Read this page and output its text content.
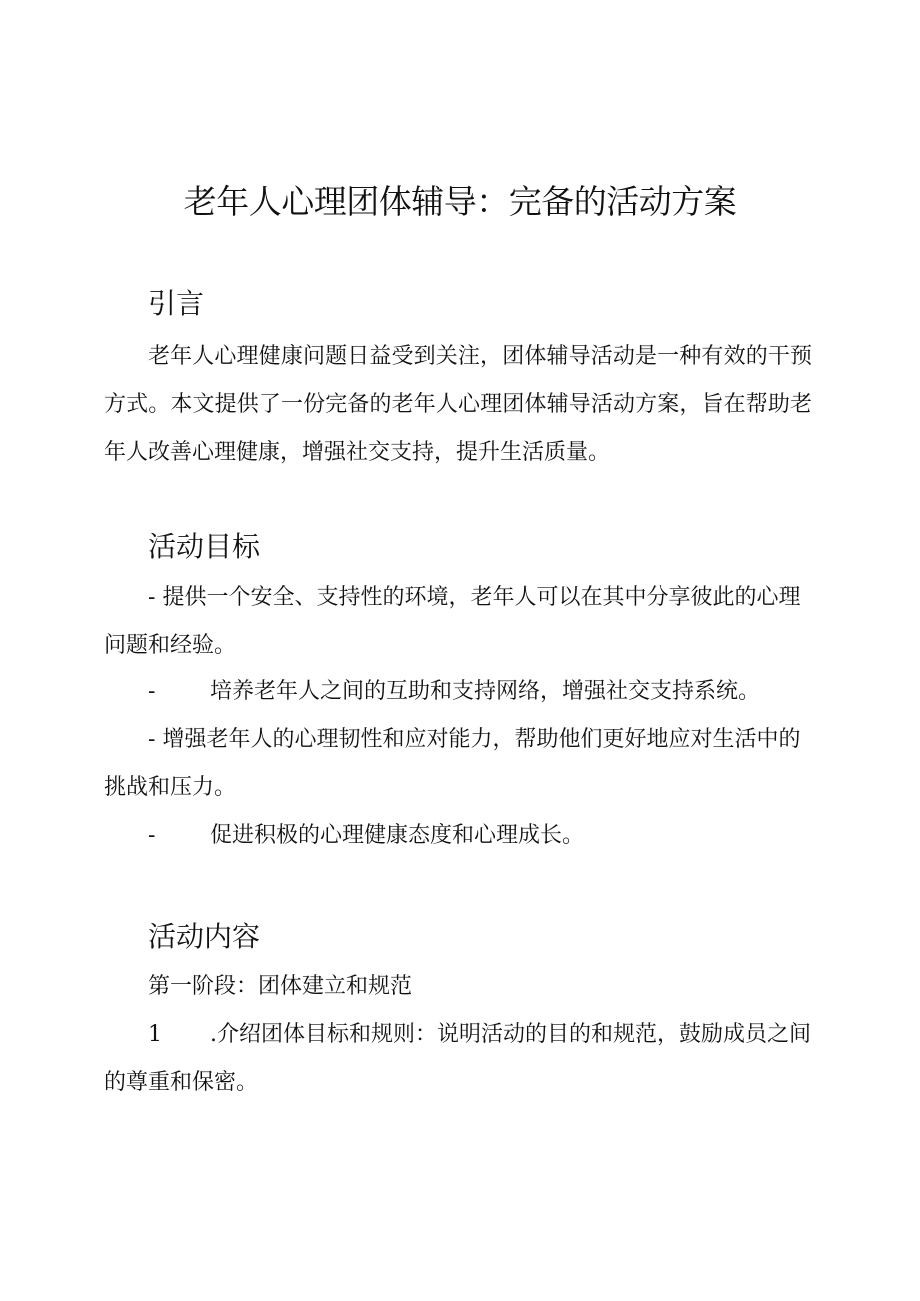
老年人心理团体辅导：完备的活动方案
引言

老年人心理健康问题日益受到关注，团体辅导活动是一种有效的干预方式。本文提供了一份完备的老年人心理团体辅导活动方案，旨在帮助老年人改善心理健康，增强社交支持，提升生活质量。

活动目标

- 提供一个安全、支持性的环境，老年人可以在其中分享彼此的心理问题和经验。

- 培养老年人之间的互助和支持网络，增强社交支持系统。

- 增强老年人的心理韧性和应对能力，帮助他们更好地应对生活中的挑战和压力。

- 促进积极的心理健康态度和心理成长。

活动内容
第一阶段：团体建立和规范

1 .介绍团体目标和规则：说明活动的目的和规范，鼓励成员之间的尊重和保密。
